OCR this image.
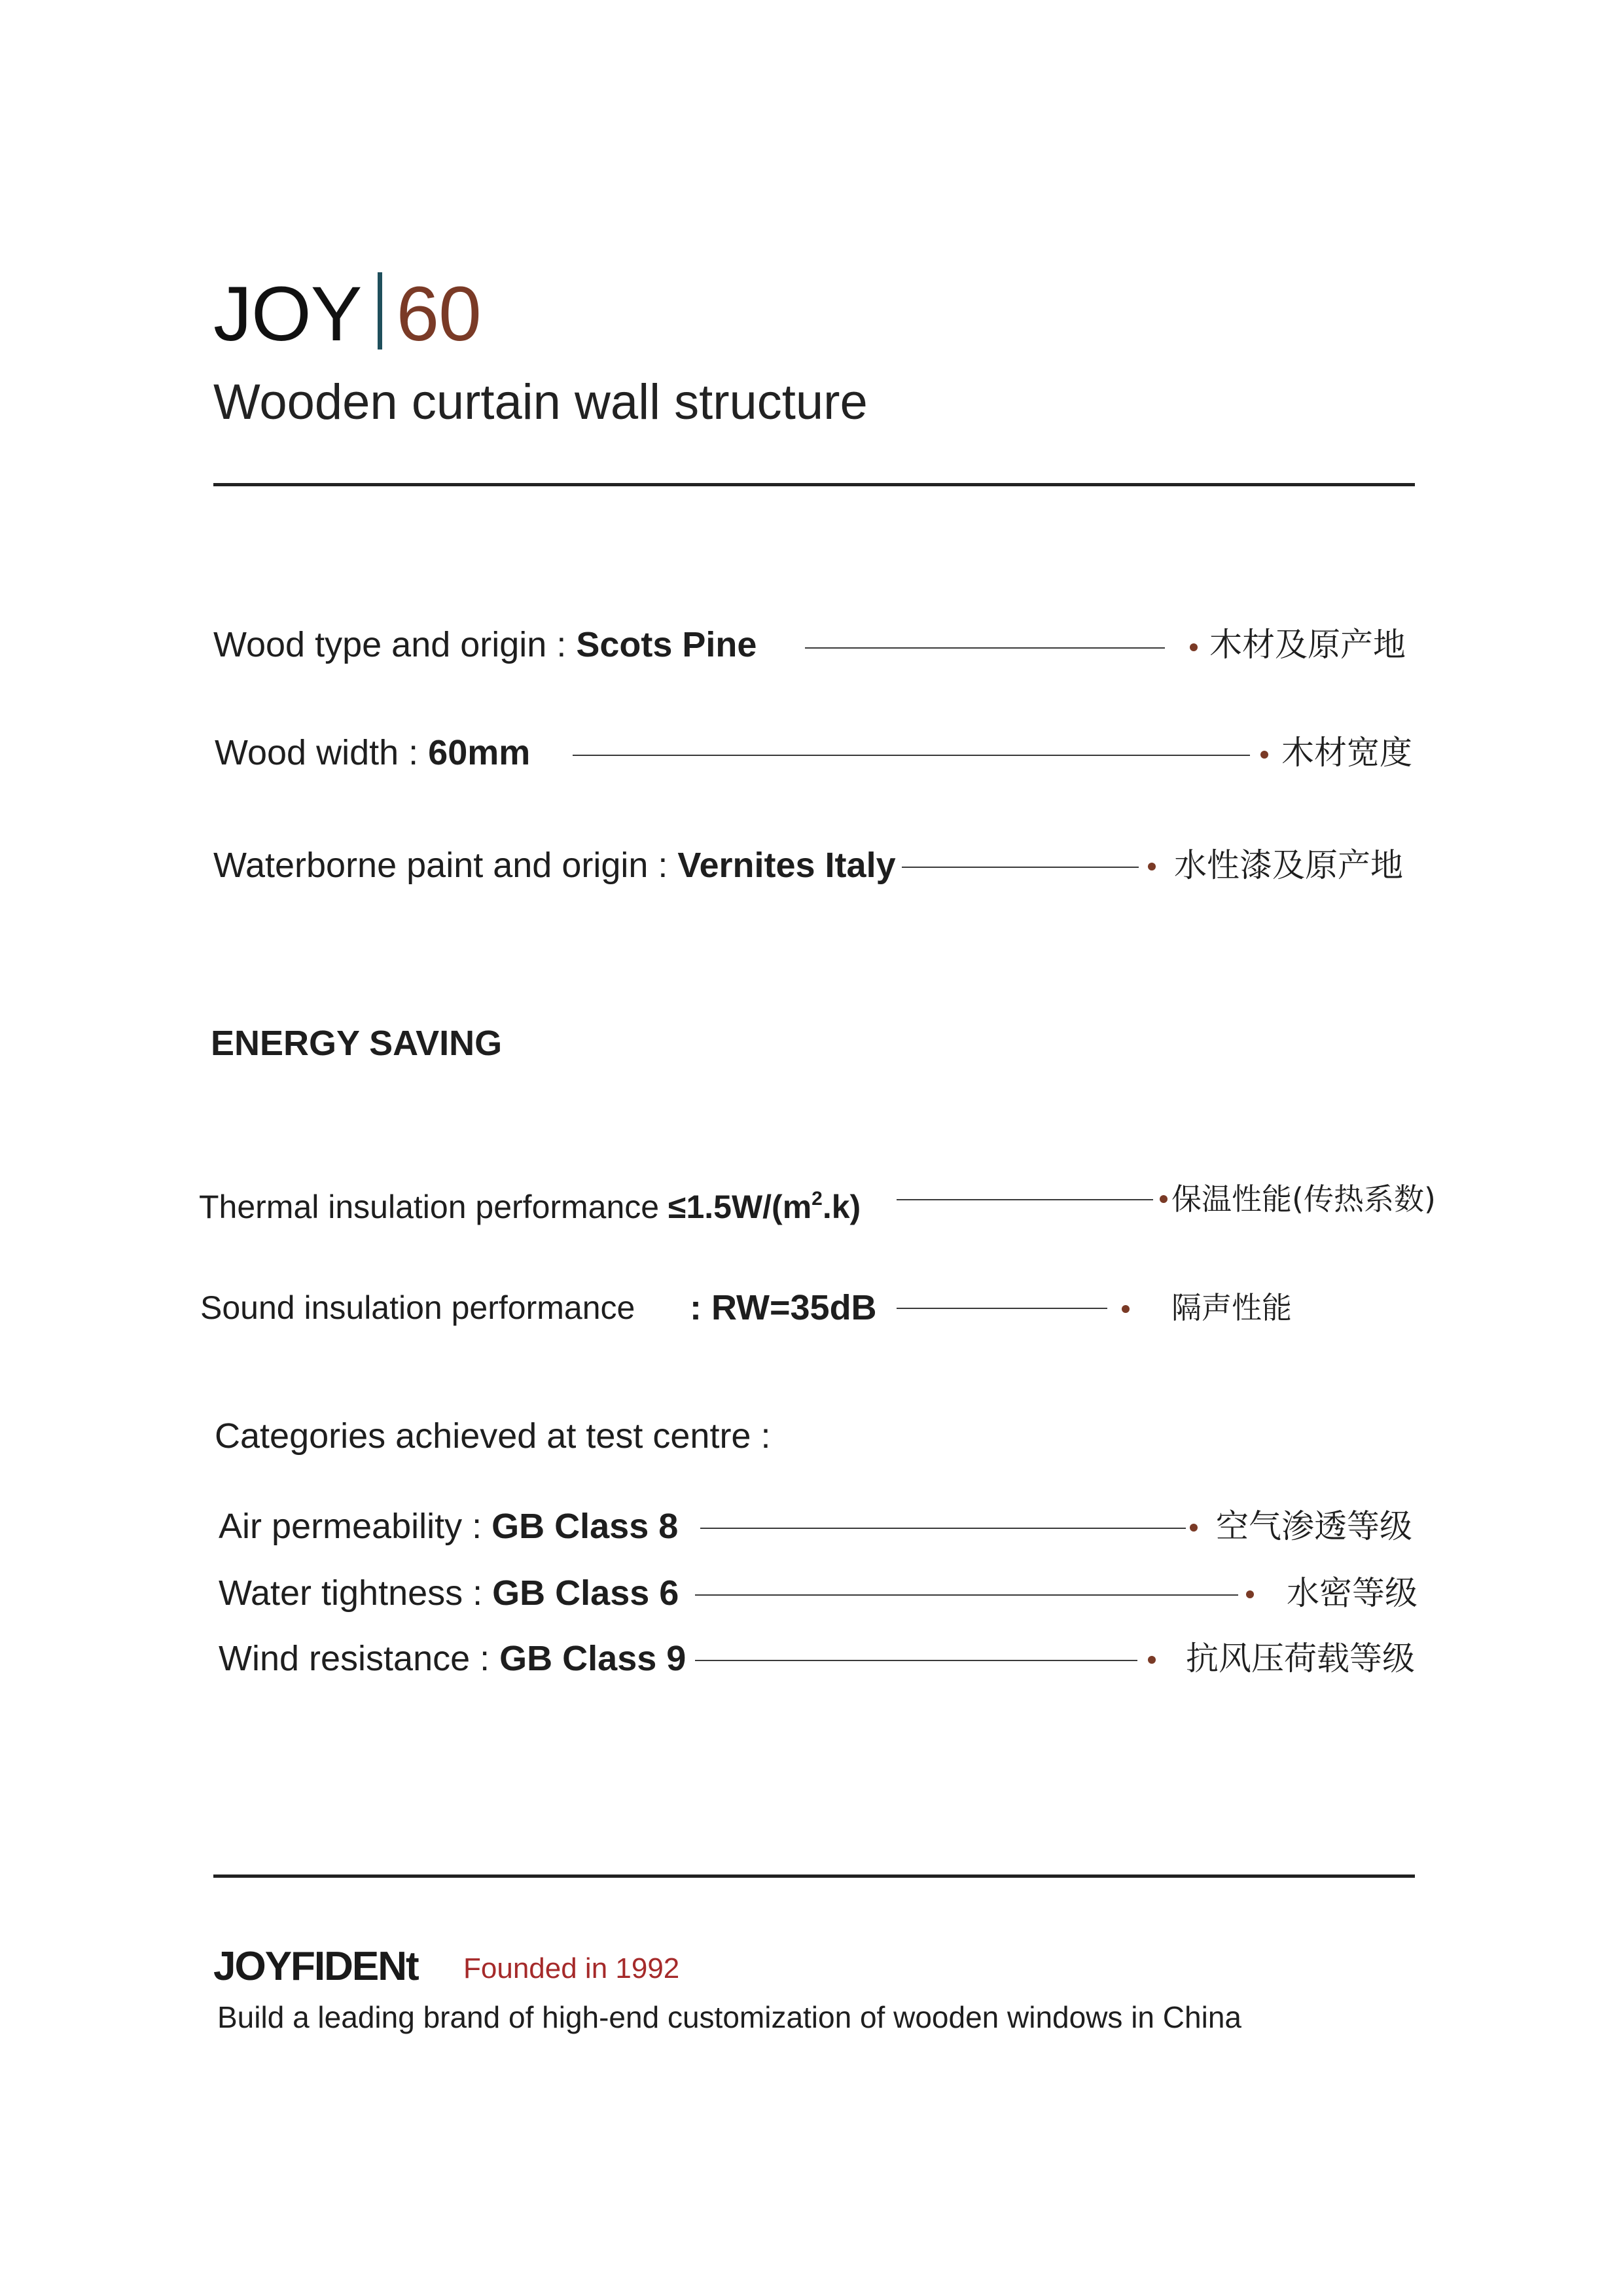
JOY 60
Wooden curtain wall structure
Wood type and origin : Scots Pine	木材及原产地
Wood width : 60mm	木材宽度
Waterborne paint and origin : Vernites Italy	水性漆及原产地
ENERGY SAVING
Thermal insulation performance $\le 1.5W/(m^2.k)$	保温性能(传热系数)
Sound insulation performance : RW=35dB	隔声性能
Categories achieved at test centre :
Air permeability : GB Class 8	空气渗透等级
Water tightness : GB Class 6	水密等级
Wind resistance : GB Class 9	抗风压荷载等级
JOYFIDENt Founded in 1992
Build a leading brand of high-end customization of wooden windows in China
